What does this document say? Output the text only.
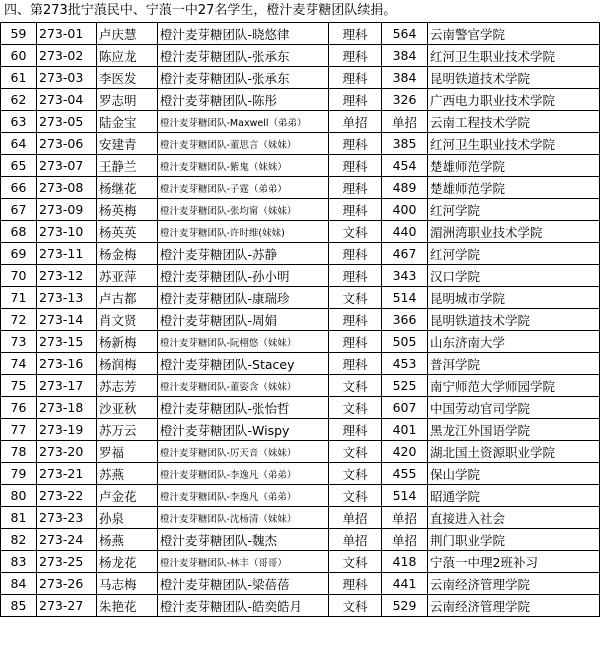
四、第273批宁蒗民中、宁蒗一中27名学生，橙汁麦芽糖团队续捐。
59	273-01	卢庆慧	橙汁麦芽糖团队-晓悠律	理科	564	云南警官学院
60	273-02	陈应龙	橙汁麦芽糖团队-张承东	理科	384	红河卫生职业技术学院
61	273-03	李医发	橙汁麦芽糖团队-张承东	理科	384	昆明铁道技术学院
62	273-04	罗志明	橙汁麦芽糖团队-陈彤	理科	326	广西电力职业技术学院
63	273-05	陆金宝	橙汁麦芽糖团队-Maxwell（弟弟）	单招	单招	云南工程技术学院
64	273-06	安建青	橙汁麦芽糖团队-董思言（妹妹）	理科	385	红河卫生职业技术学院
65	273-07	王静兰	橙汁麦芽糖团队-紫鬼（妹妹）	理科	454	楚雄师范学院
66	273-08	杨继花	橙汁麦芽糖团队-子霆（弟弟）	理科	489	楚雄师范学院
67	273-09	杨英梅	橙汁麦芽糖团队-张均甯（妹妹）	理科	400	红河学院
68	273-10	杨英英	橙汁麦芽糖团队-许时维(妹妹)	文科	440	湄洲湾职业技术学院
69	273-11	杨金梅	橙汁麦芽糖团队-苏静	理科	467	红河学院
70	273-12	苏亚萍	橙汁麦芽糖团队-孙小明	理科	343	汉口学院
71	273-13	卢古都	橙汁麦芽糖团队-康瑞珍	文科	514	昆明城市学院
72	273-14	肖文贤	橙汁麦芽糖团队-周娟	理科	366	昆明铁道技术学院
73	273-15	杨新梅	橙汁麦芽糖团队-阮栩悠（妹妹）	理科	505	山东济南大学
74	273-16	杨润梅	橙汁麦芽糖团队-Stacey	理科	453	普洱学院
75	273-17	苏志芳	橙汁麦芽糖团队-董姿含（妹妹）	文科	525	南宁师范大学师园学院
76	273-18	沙亚秋	橙汁麦芽糖团队-张怡哲	文科	607	中国劳动官司学院
77	273-19	苏万云	橙汁麦芽糖团队-Wispy	理科	401	黑龙江外国语学院
78	273-20	罗福	橙汁麦芽糖团队-厉天音（妹妹）	文科	420	湖北国土资源职业学院
79	273-21	苏燕	橙汁麦芽糖团队-李逸凡（弟弟）	文科	455	保山学院
80	273-22	卢金花	橙汁麦芽糖团队-李逸凡（弟弟）	文科	514	昭通学院
81	273-23	孙泉	橙汁麦芽糖团队-沈杨清（妹妹）	单招	单招	直接进入社会
82	273-24	杨燕	橙汁麦芽糖团队-魏杰	单招	单招	荆门职业学院
83	273-25	杨龙花	橙汁麦芽糖团队-林丰（哥哥）	文科	418	宁蒗一中理2班补习
84	273-26	马志梅	橙汁麦芽糖团队-梁蓓蓓	理科	441	云南经济管理学院
85	273-27	朱艳花	橙汁麦芽糖团队-皓奕皓月	文科	529	云南经济管理学院
